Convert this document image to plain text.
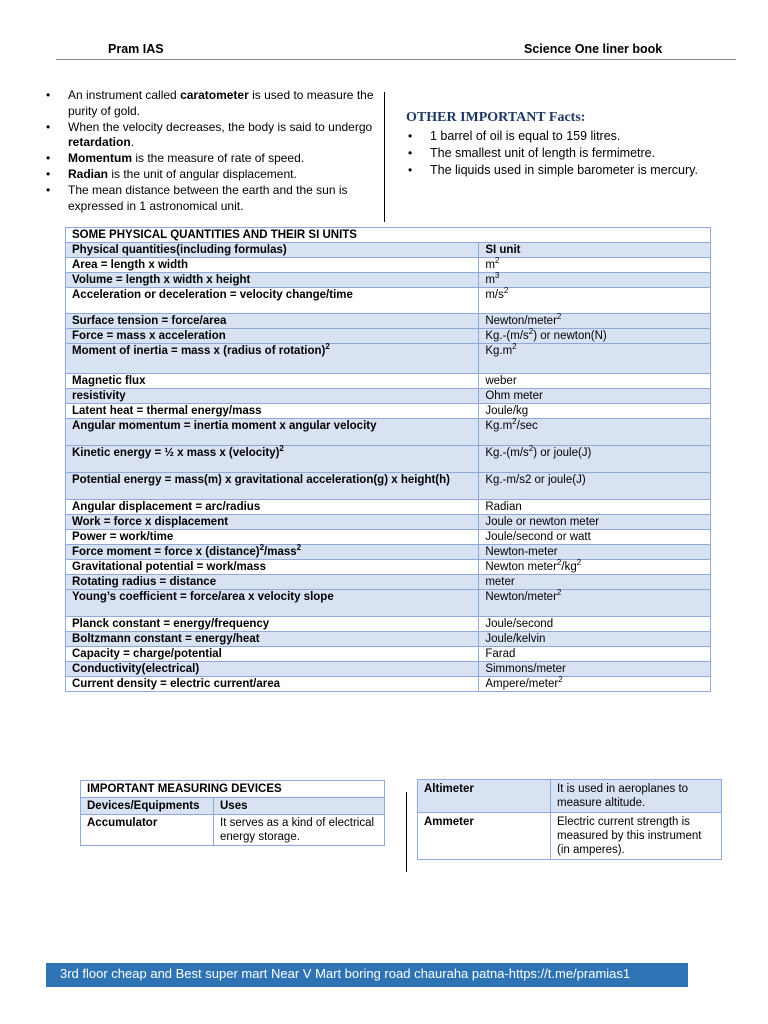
Pram IAS	Science One liner book
• An instrument called caratometer is used to measure the purity of gold.
• When the velocity decreases, the body is said to undergo retardation.
• Momentum is the measure of rate of speed.
• Radian is the unit of angular displacement.
• The mean distance between the earth and the sun is expressed in 1 astronomical unit.
OTHER IMPORTANT Facts:
• 1 barrel of oil is equal to 159 litres.
• The smallest unit of length is fermimetre.
• The liquids used in simple barometer is mercury.
SOME PHYSICAL QUANTITIES AND THEIR SI UNITS	
Physical quantities(including formulas)	SI unit
Area = length x width	$m^2$
Volume = length x width x height	$m^3$
Acceleration or deceleration = velocity change/time	$m/s^2$
Surface tension = force/area	Newton/meter$^2$
Force = mass x acceleration	$Kg.-(m/s^2)$ or newton(N)
Moment of inertia = mass x (radius of rotation)$^2$	$Kg.m^2$
Magnetic flux	weber
resistivity	Ohm meter
Latent heat = thermal energy/mass	Joule/kg
Angular momentum = inertia moment x angular velocity	$Kg.m^2/\sec$
Kinetic energy = ½ x mass x (velocity)$^2$	$Kg.-(m/s^2)$ or joule(J)
Potential energy = mass(m) x gravitational acceleration(g) x height(h)	Kg.-m/s2 or joule(J)
Angular displacement = arc/radius	Radian
Work = force x displacement	Joule or newton meter
Power = work/time	Joule/second or watt
Force moment = force x (distance)$^2$/mass$^2$	Newton-meter
Gravitational potential = work/mass	Newton $meter^2/kg^2$
Rotating radius = distance	meter
Young’s coefficient = force/area x velocity slope	Newton/meter$^2$
Planck constant = energy/frequency	Joule/second
Boltzmann constant = energy/heat	Joule/kelvin
Capacity = charge/potential	Farad
Conductivity(electrical)	Simmons/meter
Current density = electric current/area	Ampere/meter$^2$
IMPORTANT MEASURING DEVICES	
Devices/Equipments	Uses
Accumulator	It serves as a kind of electrical energy storage.
Altimeter	It is used in aeroplanes to measure altitude.
Ammeter	Electric current strength is measured by this instrument (in amperes).
3rd floor cheap and Best super mart Near V Mart boring road chauraha patna-https://t.me/pramias1
